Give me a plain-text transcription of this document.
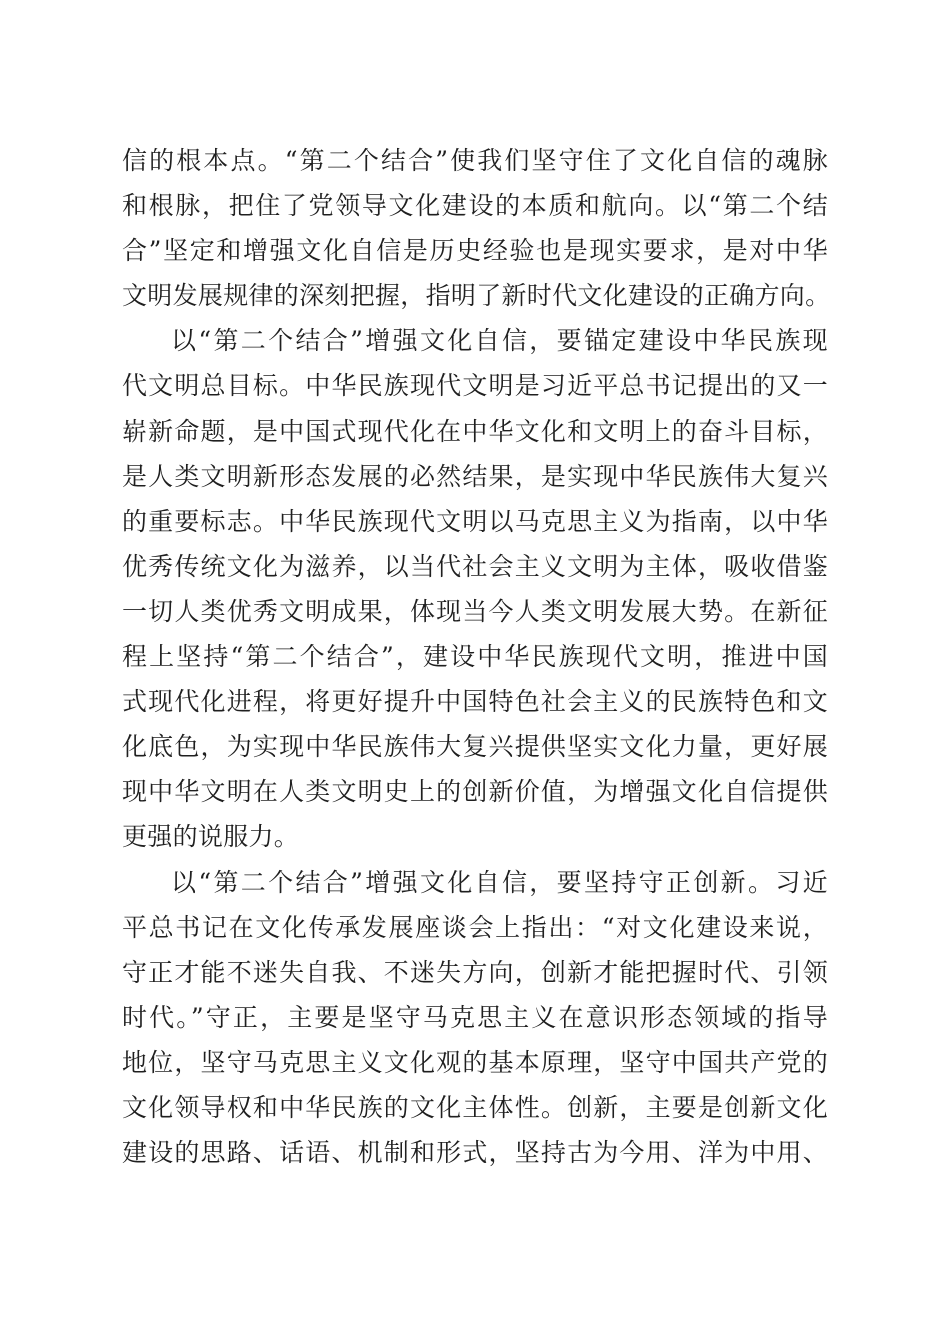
信的根本点。“第二个结合”使我们坚守住了文化自信的魂脉
和根脉，把住了党领导文化建设的本质和航向。以“第二个结
合”坚定和增强文化自信是历史经验也是现实要求，是对中华
文明发展规律的深刻把握，指明了新时代文化建设的正确方向。
以“第二个结合”增强文化自信，要锚定建设中华民族现
代文明总目标。中华民族现代文明是习近平总书记提出的又一
崭新命题，是中国式现代化在中华文化和文明上的奋斗目标，
是人类文明新形态发展的必然结果，是实现中华民族伟大复兴
的重要标志。中华民族现代文明以马克思主义为指南，以中华
优秀传统文化为滋养，以当代社会主义文明为主体，吸收借鉴
一切人类优秀文明成果，体现当今人类文明发展大势。在新征
程上坚持“第二个结合”，建设中华民族现代文明，推进中国
式现代化进程，将更好提升中国特色社会主义的民族特色和文
化底色，为实现中华民族伟大复兴提供坚实文化力量，更好展
现中华文明在人类文明史上的创新价值，为增强文化自信提供
更强的说服力。
以“第二个结合”增强文化自信，要坚持守正创新。习近
平总书记在文化传承发展座谈会上指出：“对文化建设来说，
守正才能不迷失自我、不迷失方向，创新才能把握时代、引领
时代。”守正，主要是坚守马克思主义在意识形态领域的指导
地位，坚守马克思主义文化观的基本原理，坚守中国共产党的
文化领导权和中华民族的文化主体性。创新，主要是创新文化
建设的思路、话语、机制和形式，坚持古为今用、洋为中用、
